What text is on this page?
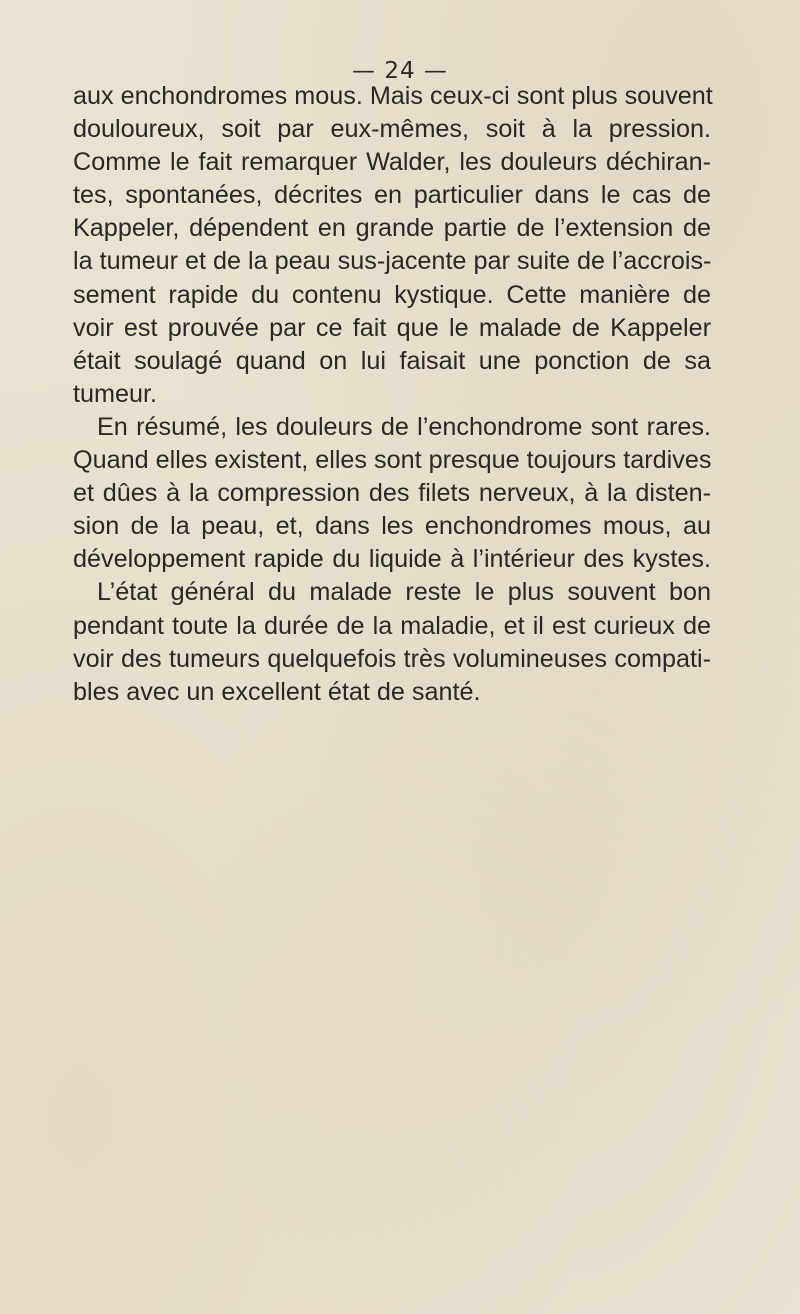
— 24 —
aux enchondromes mous. Mais ceux-ci sont plus souvent
douloureux, soit par eux-mêmes, soit à la pression.
Comme le fait remarquer Walder, les douleurs déchiran-
tes, spontanées, décrites en particulier dans le cas de
Kappeler, dépendent en grande partie de l’extension de
la tumeur et de la peau sus-jacente par suite de l’accrois-
sement rapide du contenu kystique. Cette manière de
voir est prouvée par ce fait que le malade de Kappeler
était soulagé quand on lui faisait une ponction de sa
tumeur.
En résumé, les douleurs de l’enchondrome sont rares.
Quand elles existent, elles sont presque toujours tardives
et dûes à la compression des filets nerveux, à la disten-
sion de la peau, et, dans les enchondromes mous, au
développement rapide du liquide à l’intérieur des kystes.
L’état général du malade reste le plus souvent bon
pendant toute la durée de la maladie, et il est curieux de
voir des tumeurs quelquefois très volumineuses compati-
bles avec un excellent état de santé.
